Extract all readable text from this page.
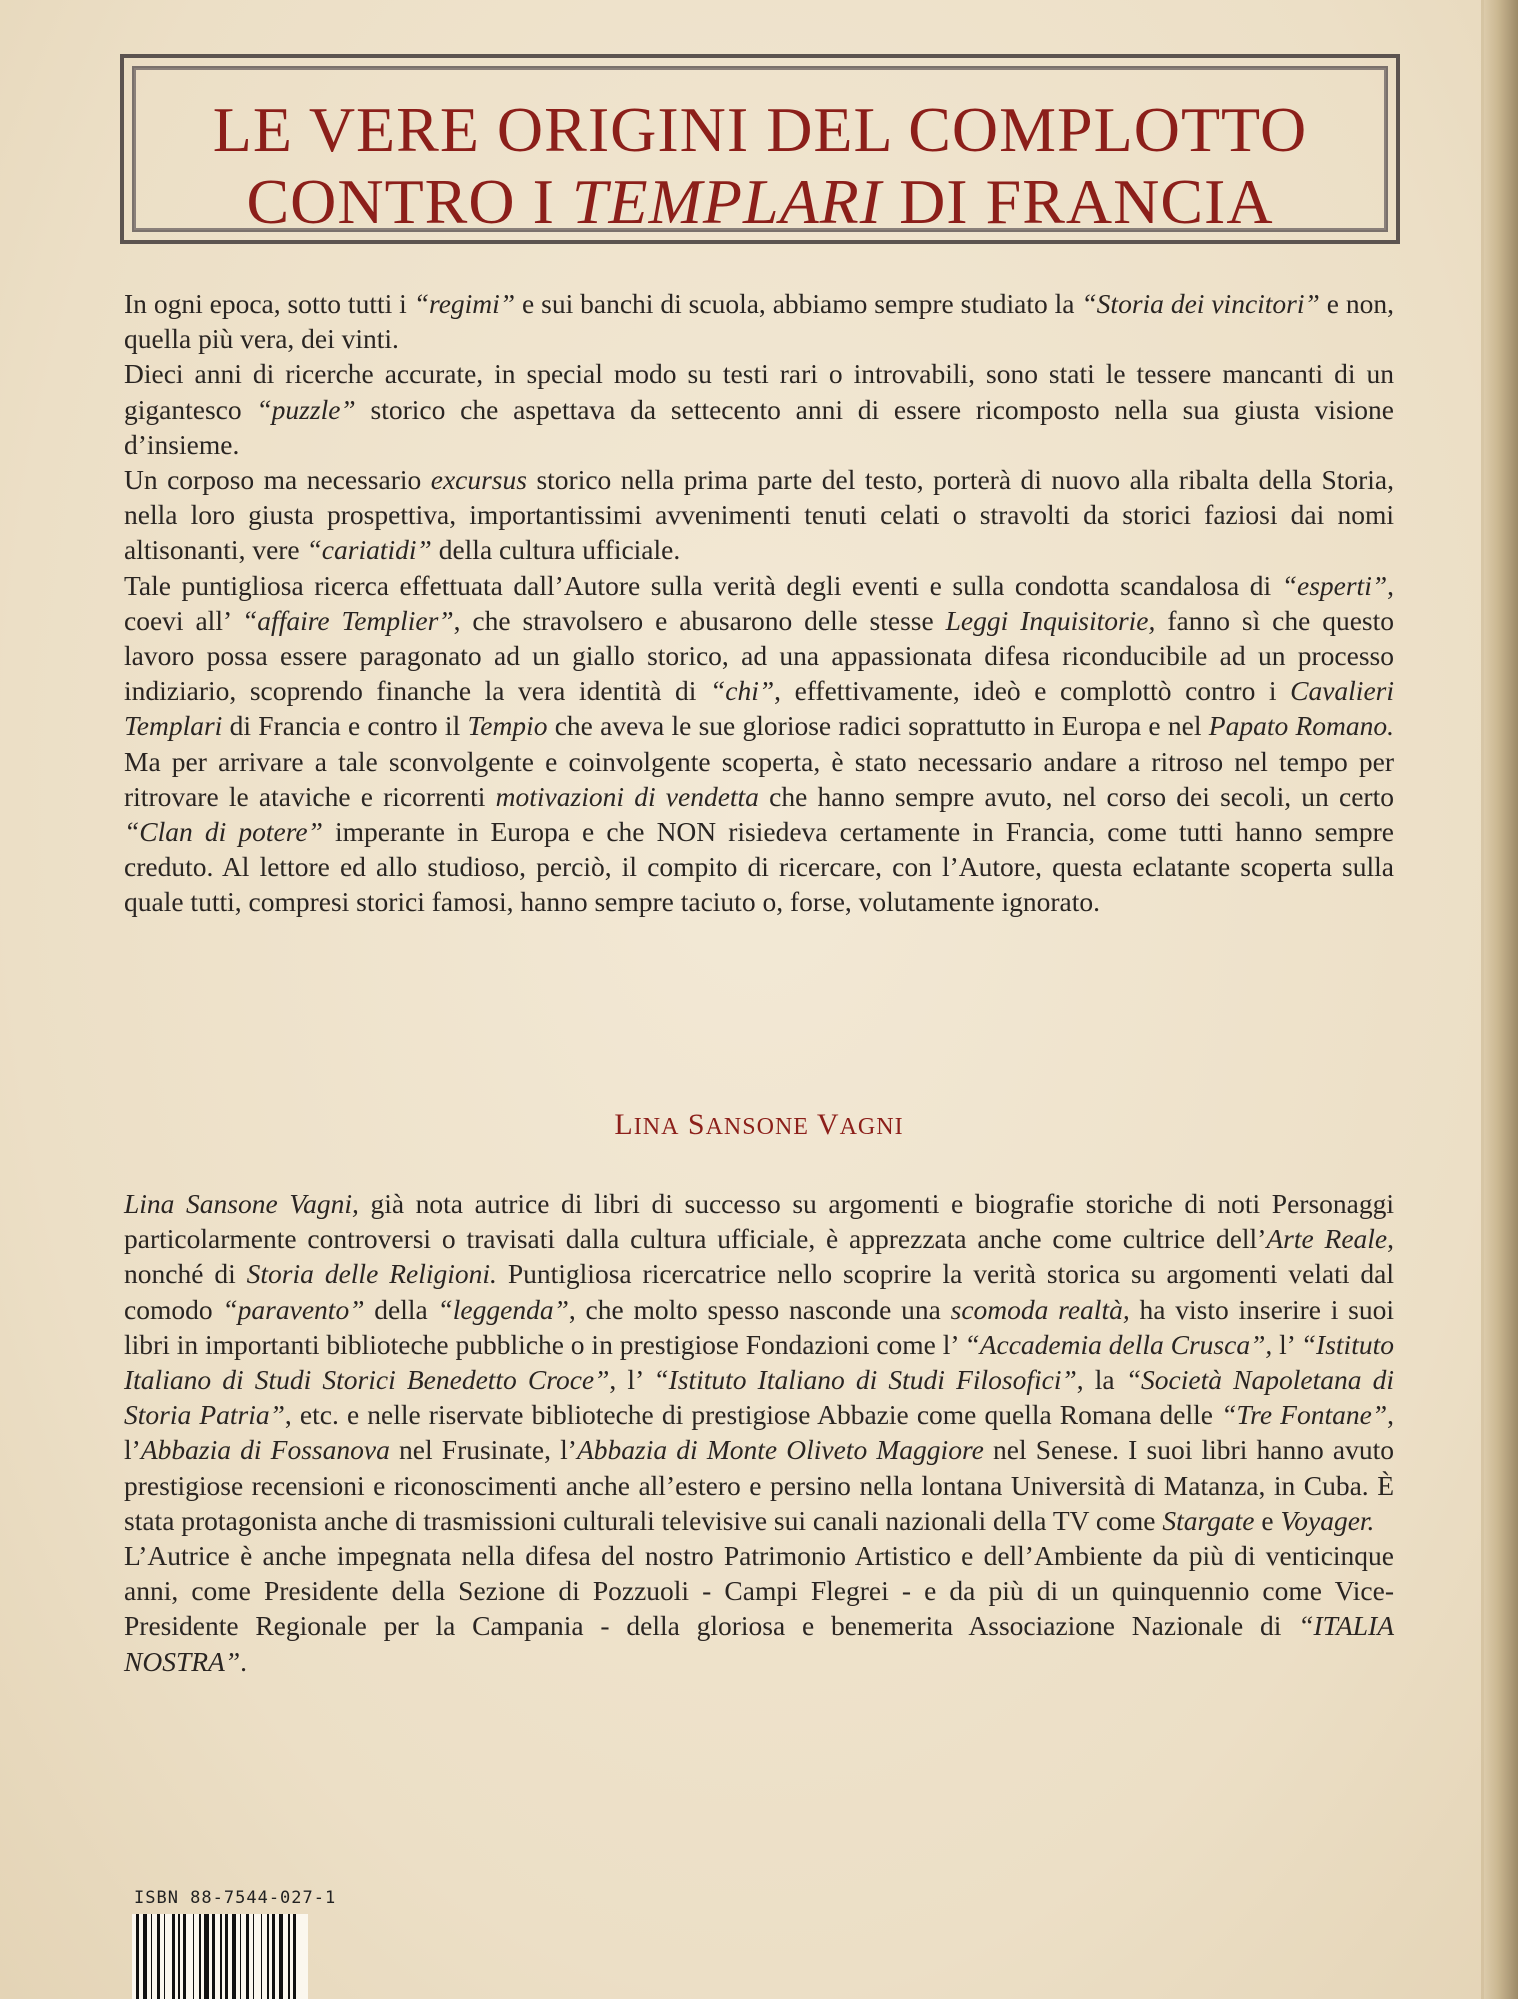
LE VERE ORIGINI DEL COMPLOTTO
CONTRO I TEMPLARI DI FRANCIA
In ogni epoca, sotto tutti i “regimi” e sui banchi di scuola, abbiamo sempre studiato la “Storia dei vincitori” e non, quella più vera, dei vinti.
Dieci anni di ricerche accurate, in special modo su testi rari o introvabili, sono stati le tessere mancanti di un gigantesco “puzzle” storico che aspettava da settecento anni di essere ricomposto nella sua giusta visione d’insieme.
Un corposo ma necessario excursus storico nella prima parte del testo, porterà di nuovo alla ribalta della Storia, nella loro giusta prospettiva, importantissimi avvenimenti tenuti celati o stravolti da storici faziosi dai nomi altisonanti, vere “cariatidi” della cultura ufficiale.
Tale puntigliosa ricerca effettuata dall’Autore sulla verità degli eventi e sulla condotta scandalosa di “esperti”, coevi all’ “affaire Templier”, che stravolsero e abusarono delle stesse Leggi Inquisitorie, fanno sì che questo lavoro possa essere paragonato ad un giallo storico, ad una appassionata difesa riconducibile ad un processo indiziario, scoprendo finanche la vera identità di “chi”, effettivamente, ideò e complottò contro i Cavalieri Templari di Francia e contro il Tempio che aveva le sue gloriose radici soprattutto in Europa e nel Papato Romano. Ma per arrivare a tale sconvolgente e coinvolgente scoperta, è stato necessario andare a ritroso nel tempo per ritrovare le ataviche e ricorrenti motivazioni di vendetta che hanno sempre avuto, nel corso dei secoli, un certo “Clan di potere” imperante in Europa e che NON risiedeva certamente in Francia, come tutti hanno sempre creduto. Al lettore ed allo studioso, perciò, il compito di ricercare, con l’Autore, questa eclatante scoperta sulla quale tutti, compresi storici famosi, hanno sempre taciuto o, forse, volutamente ignorato.
LINA SANSONE VAGNI
Lina Sansone Vagni, già nota autrice di libri di successo su argomenti e biografie storiche di noti Personaggi particolarmente controversi o travisati dalla cultura ufficiale, è apprezzata anche come cultrice dell’Arte Reale, nonché di Storia delle Religioni. Puntigliosa ricercatrice nello scoprire la verità storica su argomenti velati dal comodo “paravento” della “leggenda”, che molto spesso nasconde una scomoda realtà, ha visto inserire i suoi libri in importanti biblioteche pubbliche o in prestigiose Fondazioni come l’ “Accademia della Crusca”, l’ “Istituto Italiano di Studi Storici Benedetto Croce”, l’ “Istituto Italiano di Studi Filosofici”, la “Società Napoletana di Storia Patria”, etc. e nelle riservate biblioteche di prestigiose Abbazie come quella Romana delle “Tre Fontane”, l’Abbazia di Fossanova nel Frusinate, l’Abbazia di Monte Oliveto Maggiore nel Senese. I suoi libri hanno avuto prestigiose recensioni e riconoscimenti anche all’estero e persino nella lontana Università di Matanza, in Cuba. È stata protagonista anche di trasmissioni culturali televisive sui canali nazionali della TV come Stargate e Voyager.
L’Autrice è anche impegnata nella difesa del nostro Patrimonio Artistico e dell’Ambiente da più di venticinque anni, come Presidente della Sezione di Pozzuoli - Campi Flegrei - e da più di un quinquennio come Vice-Presidente Regionale per la Campania - della gloriosa e benemerita Associazione Nazionale di “ITALIA NOSTRA”.
ISBN 88-7544-027-1
